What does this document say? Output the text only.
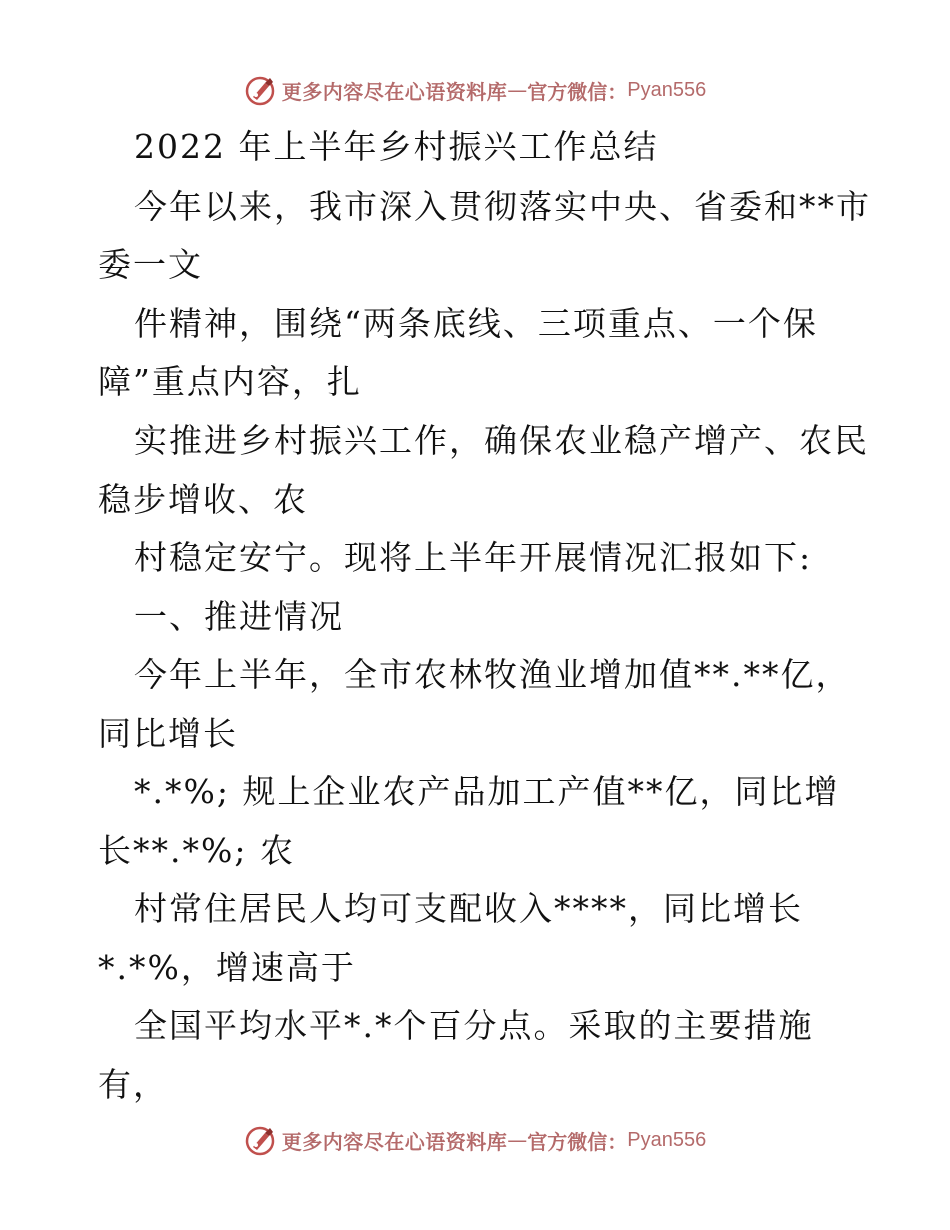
更多内容尽在心语资料库 — 官方微信： Pyan556
2022 年上半年乡村振兴工作总结
今年以来，我市深入贯彻落实中央、省委和**市
委一文
件精神，围绕“两条底线、三项重点、一个保
障”重点内容，扎
实推进乡村振兴工作，确保农业稳产增产、农民
稳步增收、农
村稳定安宁。现将上半年开展情况汇报如下:
一、推进情况
今年上半年，全市农林牧渔业增加值**.**亿，
同比增长
*.*%; 规上企业农产品加工产值**亿，同比增
长**.*%; 农
村常住居民人均可支配收入****，同比增长
*.*%，增速高于
全国平均水平*.*个百分点。采取的主要措施
有，
更多内容尽在心语资料库 — 官方微信： Pyan556
